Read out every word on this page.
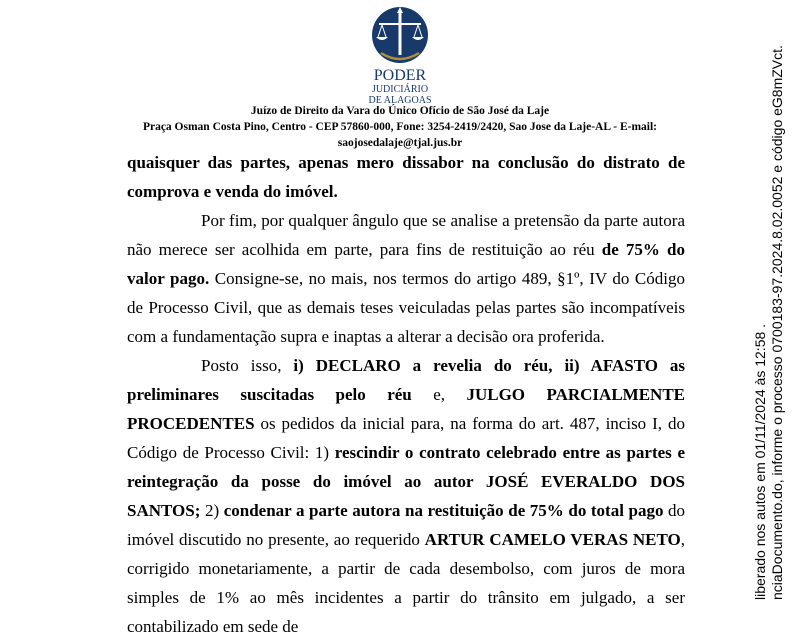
PODER
JUDICIÁRIO
DE ALAGOAS
Juízo de Direito da Vara do Único Ofício de São José da Laje
Praça Osman Costa Pino, Centro - CEP 57860-000, Fone: 3254-2419/2420, Sao Jose da Laje-AL - E-mail: saojosedalaje@tjal.jus.br

quaisquer das partes, apenas mero dissabor na conclusão do distrato de comprova e venda do imóvel.

Por fim, por qualquer ângulo que se analise a pretensão da parte autora não merece ser acolhida em parte, para fins de restituição ao réu de 75% do valor pago. Consigne-se, no mais, nos termos do artigo 489, §1º, IV do Código de Processo Civil, que as demais teses veiculadas pelas partes são incompatíveis com a fundamentação supra e inaptas a alterar a decisão ora proferida.

Posto isso, i) DECLARO a revelia do réu, ii) AFASTO as preliminares suscitadas pelo réu e, JULGO PARCIALMENTE PROCEDENTES os pedidos da inicial para, na forma do art. 487, inciso I, do Código de Processo Civil: 1) rescindir o contrato celebrado entre as partes e reintegração da posse do imóvel ao autor JOSÉ EVERALDO DOS SANTOS; 2) condenar a parte autora na restituição de 75% do total pago do imóvel discutido no presente, ao requerido ARTUR CAMELO VERAS NETO, corrigido monetariamente, a partir de cada desembolso, com juros de mora simples de 1% ao mês incidentes a partir do trânsito em julgado, a ser contabilizado em sede de

liberado nos autos em 01/11/2024 às 12:58 . nciaDocumento.do, informe o processo 0700183-97.2024.8.02.0052 e código eG8mZVct.
